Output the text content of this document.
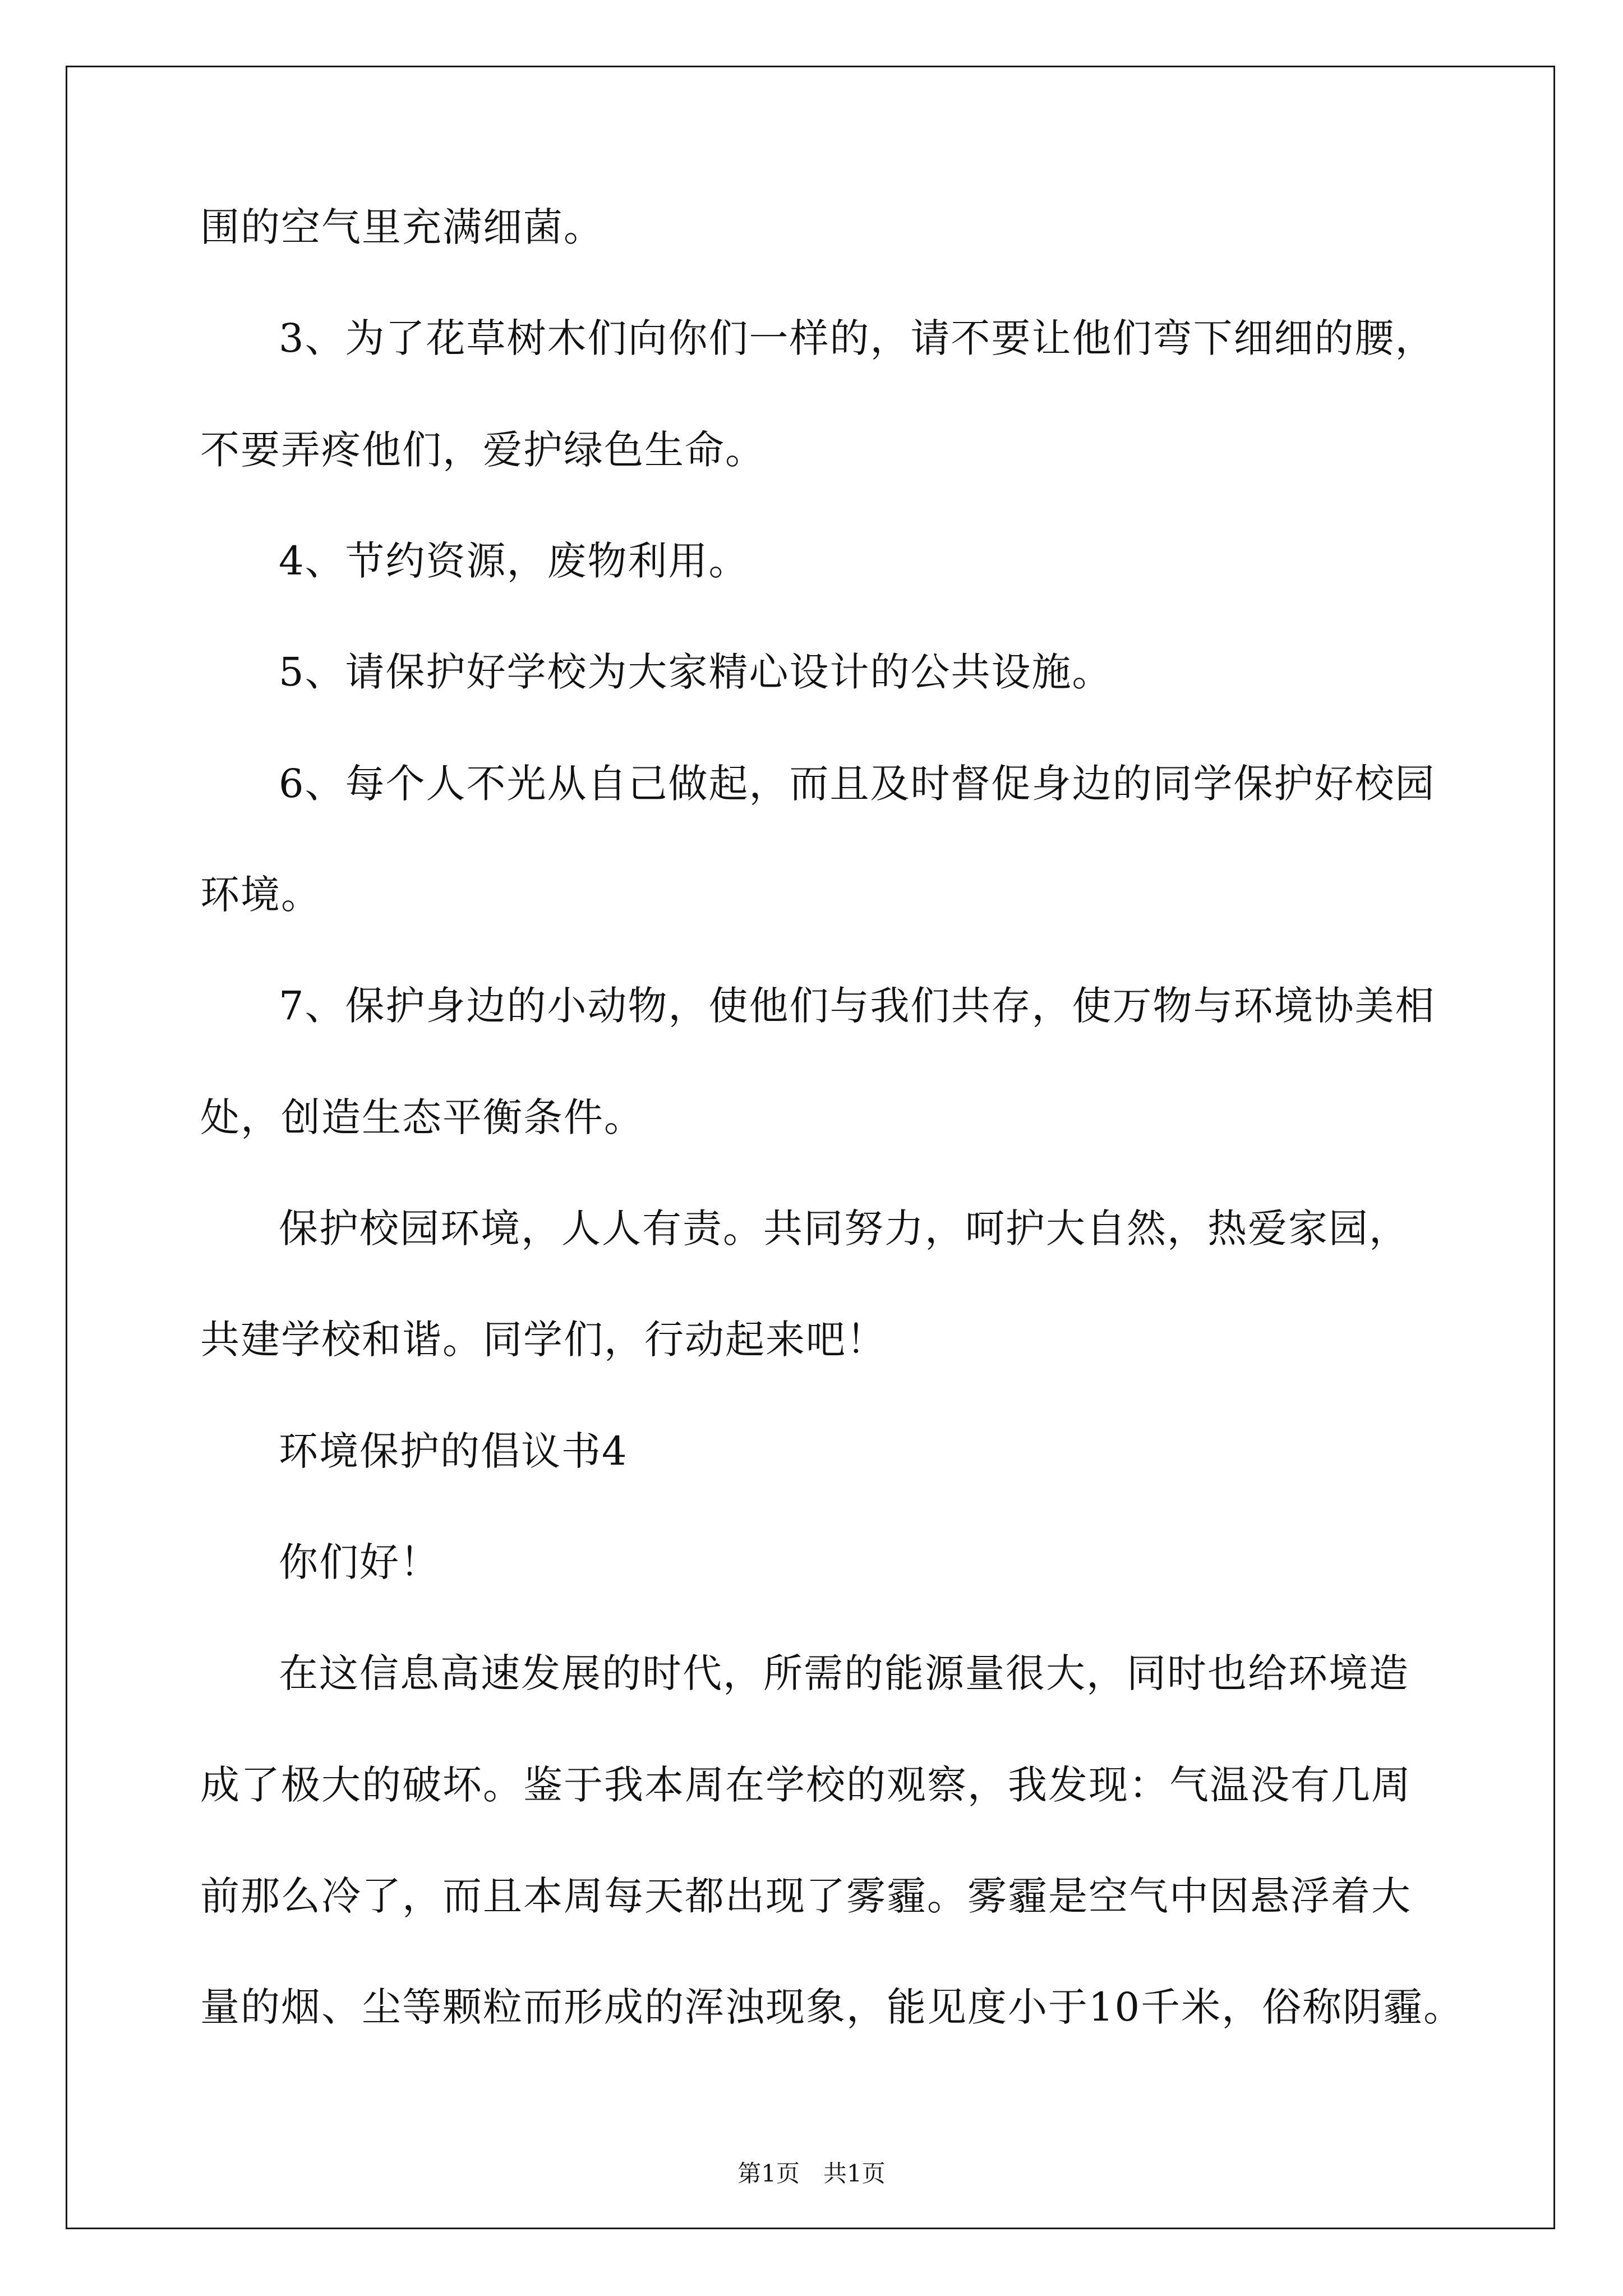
围的空气里充满细菌。
3、为了花草树木们向你们一样的，请不要让他们弯下细细的腰，
不要弄疼他们，爱护绿色生命。
4、节约资源，废物利用。
5、请保护好学校为大家精心设计的公共设施。
6、每个人不光从自己做起，而且及时督促身边的同学保护好校园
环境。
7、保护身边的小动物，使他们与我们共存，使万物与环境协美相
处，创造生态平衡条件。
保护校园环境，人人有责。共同努力，呵护大自然，热爱家园，
共建学校和谐。同学们，行动起来吧！
环境保护的倡议书4
你们好！
在这信息高速发展的时代，所需的能源量很大，同时也给环境造
成了极大的破坏。鉴于我本周在学校的观察，我发现：气温没有几周
前那么冷了，而且本周每天都出现了雾霾。雾霾是空气中因悬浮着大
量的烟、尘等颗粒而形成的浑浊现象，能见度小于10千米，俗称阴霾。
第1页　共1页
